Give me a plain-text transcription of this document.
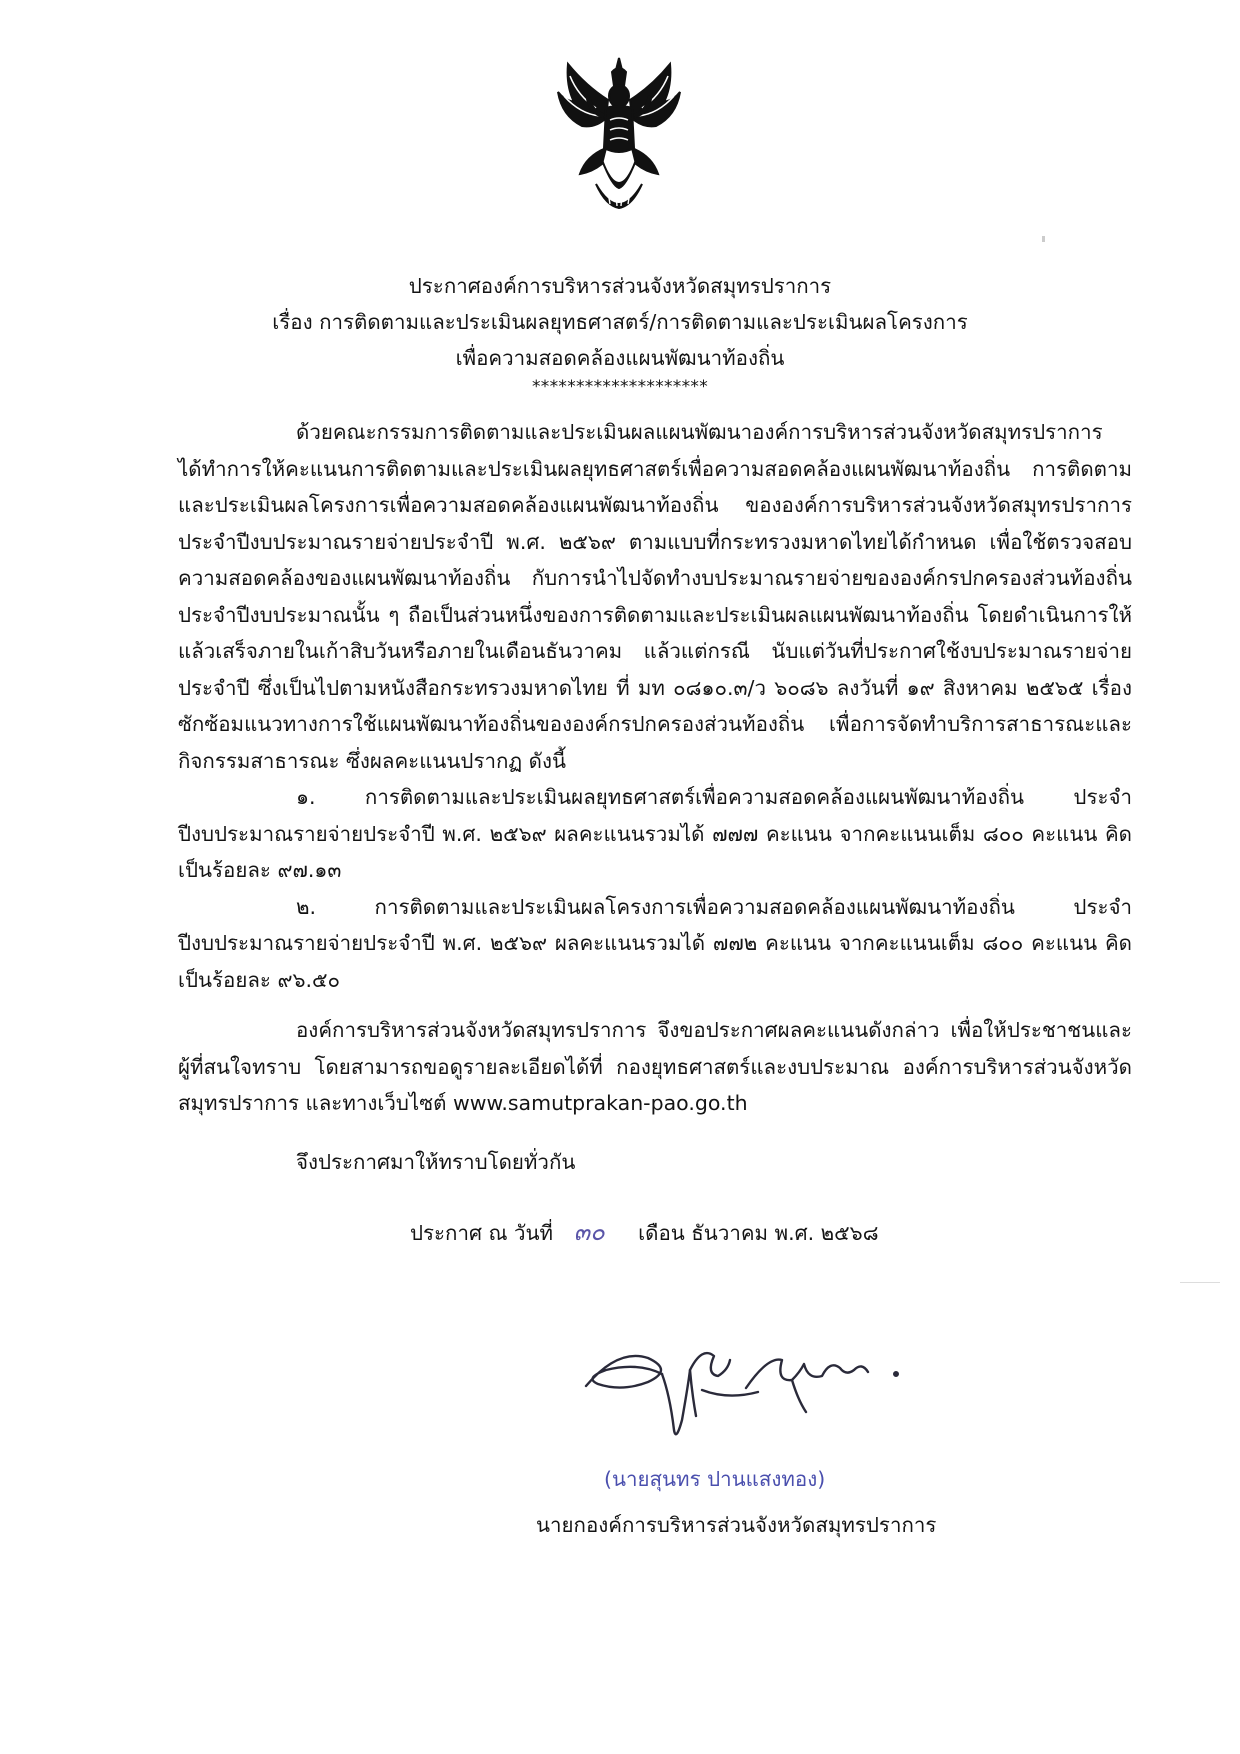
ประกาศองค์การบริหารส่วนจังหวัดสมุทรปราการ
เรื่อง การติดตามและประเมินผลยุทธศาสตร์/การติดตามและประเมินผลโครงการ
เพื่อความสอดคล้องแผนพัฒนาท้องถิ่น
********************

ด้วยคณะกรรมการติดตามและประเมินผลแผนพัฒนาองค์การบริหารส่วนจังหวัดสมุทรปราการ ได้ทำการให้คะแนนการติดตามและประเมินผลยุทธศาสตร์เพื่อความสอดคล้องแผนพัฒนาท้องถิ่น การติดตามและประเมินผลโครงการเพื่อความสอดคล้องแผนพัฒนาท้องถิ่น ขององค์การบริหารส่วนจังหวัดสมุทรปราการ ประจำปีงบประมาณรายจ่ายประจำปี พ.ศ. ๒๕๖๙ ตามแบบที่กระทรวงมหาดไทยได้กำหนด เพื่อใช้ตรวจสอบความสอดคล้องของแผนพัฒนาท้องถิ่น กับการนำไปจัดทำงบประมาณรายจ่ายขององค์กรปกครองส่วนท้องถิ่น ประจำปีงบประมาณนั้น ๆ ถือเป็นส่วนหนึ่งของการติดตามและประเมินผลแผนพัฒนาท้องถิ่น โดยดำเนินการให้แล้วเสร็จภายในเก้าสิบวันหรือภายในเดือนธันวาคม แล้วแต่กรณี นับแต่วันที่ประกาศใช้งบประมาณรายจ่ายประจำปี ซึ่งเป็นไปตามหนังสือกระทรวงมหาดไทย ที่ มท ๐๘๑๐.๓/ว ๖๐๘๖ ลงวันที่ ๑๙ สิงหาคม ๒๕๖๕ เรื่อง ซักซ้อมแนวทางการใช้แผนพัฒนาท้องถิ่นขององค์กรปกครองส่วนท้องถิ่น เพื่อการจัดทำบริการสาธารณะและกิจกรรมสาธารณะ ซึ่งผลคะแนนปรากฏ ดังนี้

๑. การติดตามและประเมินผลยุทธศาสตร์เพื่อความสอดคล้องแผนพัฒนาท้องถิ่น ประจำปีงบประมาณรายจ่ายประจำปี พ.ศ. ๒๕๖๙ ผลคะแนนรวมได้ ๗๗๗ คะแนน จากคะแนนเต็ม ๘๐๐ คะแนน คิดเป็นร้อยละ ๙๗.๑๓

๒. การติดตามและประเมินผลโครงการเพื่อความสอดคล้องแผนพัฒนาท้องถิ่น ประจำปีงบประมาณรายจ่ายประจำปี พ.ศ. ๒๕๖๙ ผลคะแนนรวมได้ ๗๗๒ คะแนน จากคะแนนเต็ม ๘๐๐ คะแนน คิดเป็นร้อยละ ๙๖.๕๐

องค์การบริหารส่วนจังหวัดสมุทรปราการ จึงขอประกาศผลคะแนนดังกล่าว เพื่อให้ประชาชนและผู้ที่สนใจทราบ โดยสามารถขอดูรายละเอียดได้ที่ กองยุทธศาสตร์และงบประมาณ องค์การบริหารส่วนจังหวัดสมุทรปราการ และทางเว็บไซต์ www.samutprakan-pao.go.th

จึงประกาศมาให้ทราบโดยทั่วกัน
ประกาศ ณ วันที่ ๓๐ เดือน ธันวาคม พ.ศ. ๒๕๖๘
(นายสุนทร ปานแสงทอง)
นายกองค์การบริหารส่วนจังหวัดสมุทรปราการ
